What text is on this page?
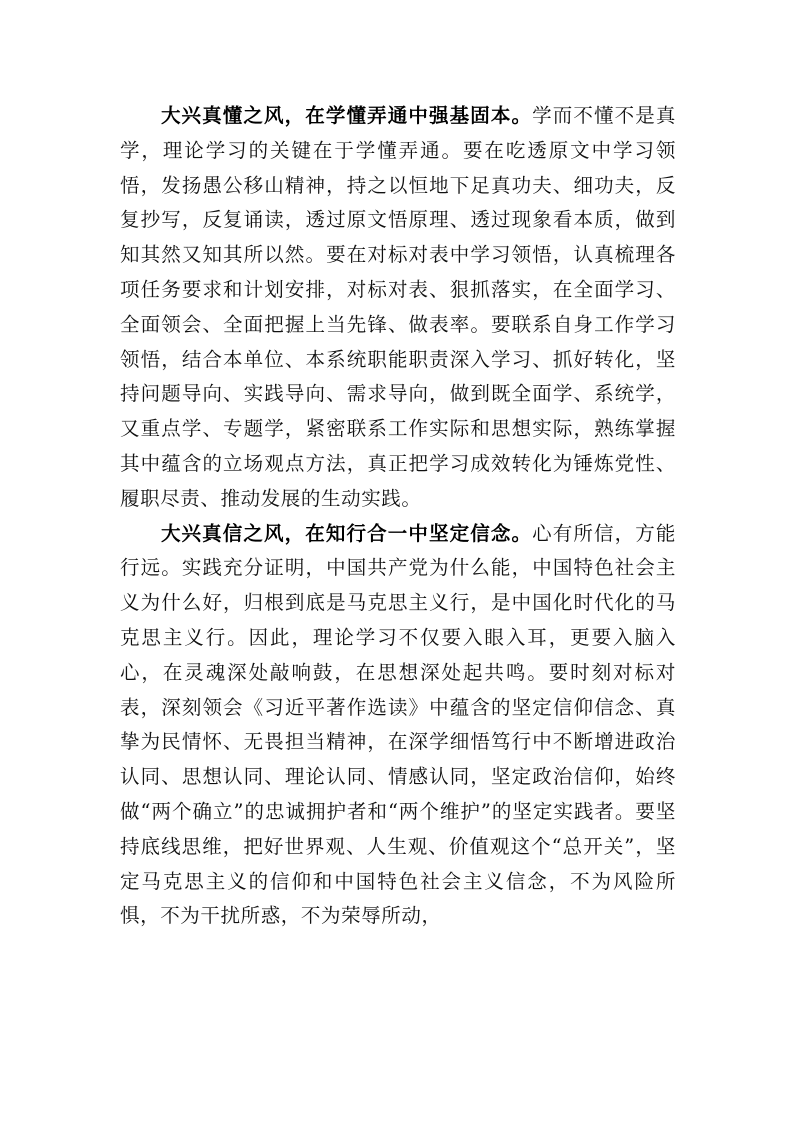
大兴真懂之风，在学懂弄通中强基固本。学而不懂不是真学，理论学习的关键在于学懂弄通。要在吃透原文中学习领悟，发扬愚公移山精神，持之以恒地下足真功夫、细功夫，反复抄写，反复诵读，透过原文悟原理、透过现象看本质，做到知其然又知其所以然。要在对标对表中学习领悟，认真梳理各项任务要求和计划安排，对标对表、狠抓落实，在全面学习、全面领会、全面把握上当先锋、做表率。要联系自身工作学习领悟，结合本单位、本系统职能职责深入学习、抓好转化，坚持问题导向、实践导向、需求导向，做到既全面学、系统学，又重点学、专题学，紧密联系工作实际和思想实际，熟练掌握其中蕴含的立场观点方法，真正把学习成效转化为锤炼党性、履职尽责、推动发展的生动实践。

大兴真信之风，在知行合一中坚定信念。心有所信，方能行远。实践充分证明，中国共产党为什么能，中国特色社会主义为什么好，归根到底是马克思主义行，是中国化时代化的马克思主义行。因此，理论学习不仅要入眼入耳，更要入脑入心，在灵魂深处敲响鼓，在思想深处起共鸣。要时刻对标对表，深刻领会《习近平著作选读》中蕴含的坚定信仰信念、真挚为民情怀、无畏担当精神，在深学细悟笃行中不断增进政治认同、思想认同、理论认同、情感认同，坚定政治信仰，始终做“两个确立”的忠诚拥护者和“两个维护”的坚定实践者。要坚持底线思维，把好世界观、人生观、价值观这个“总开关”，坚定马克思主义的信仰和中国特色社会主义信念，不为风险所惧，不为干扰所惑，不为荣辱所动，
